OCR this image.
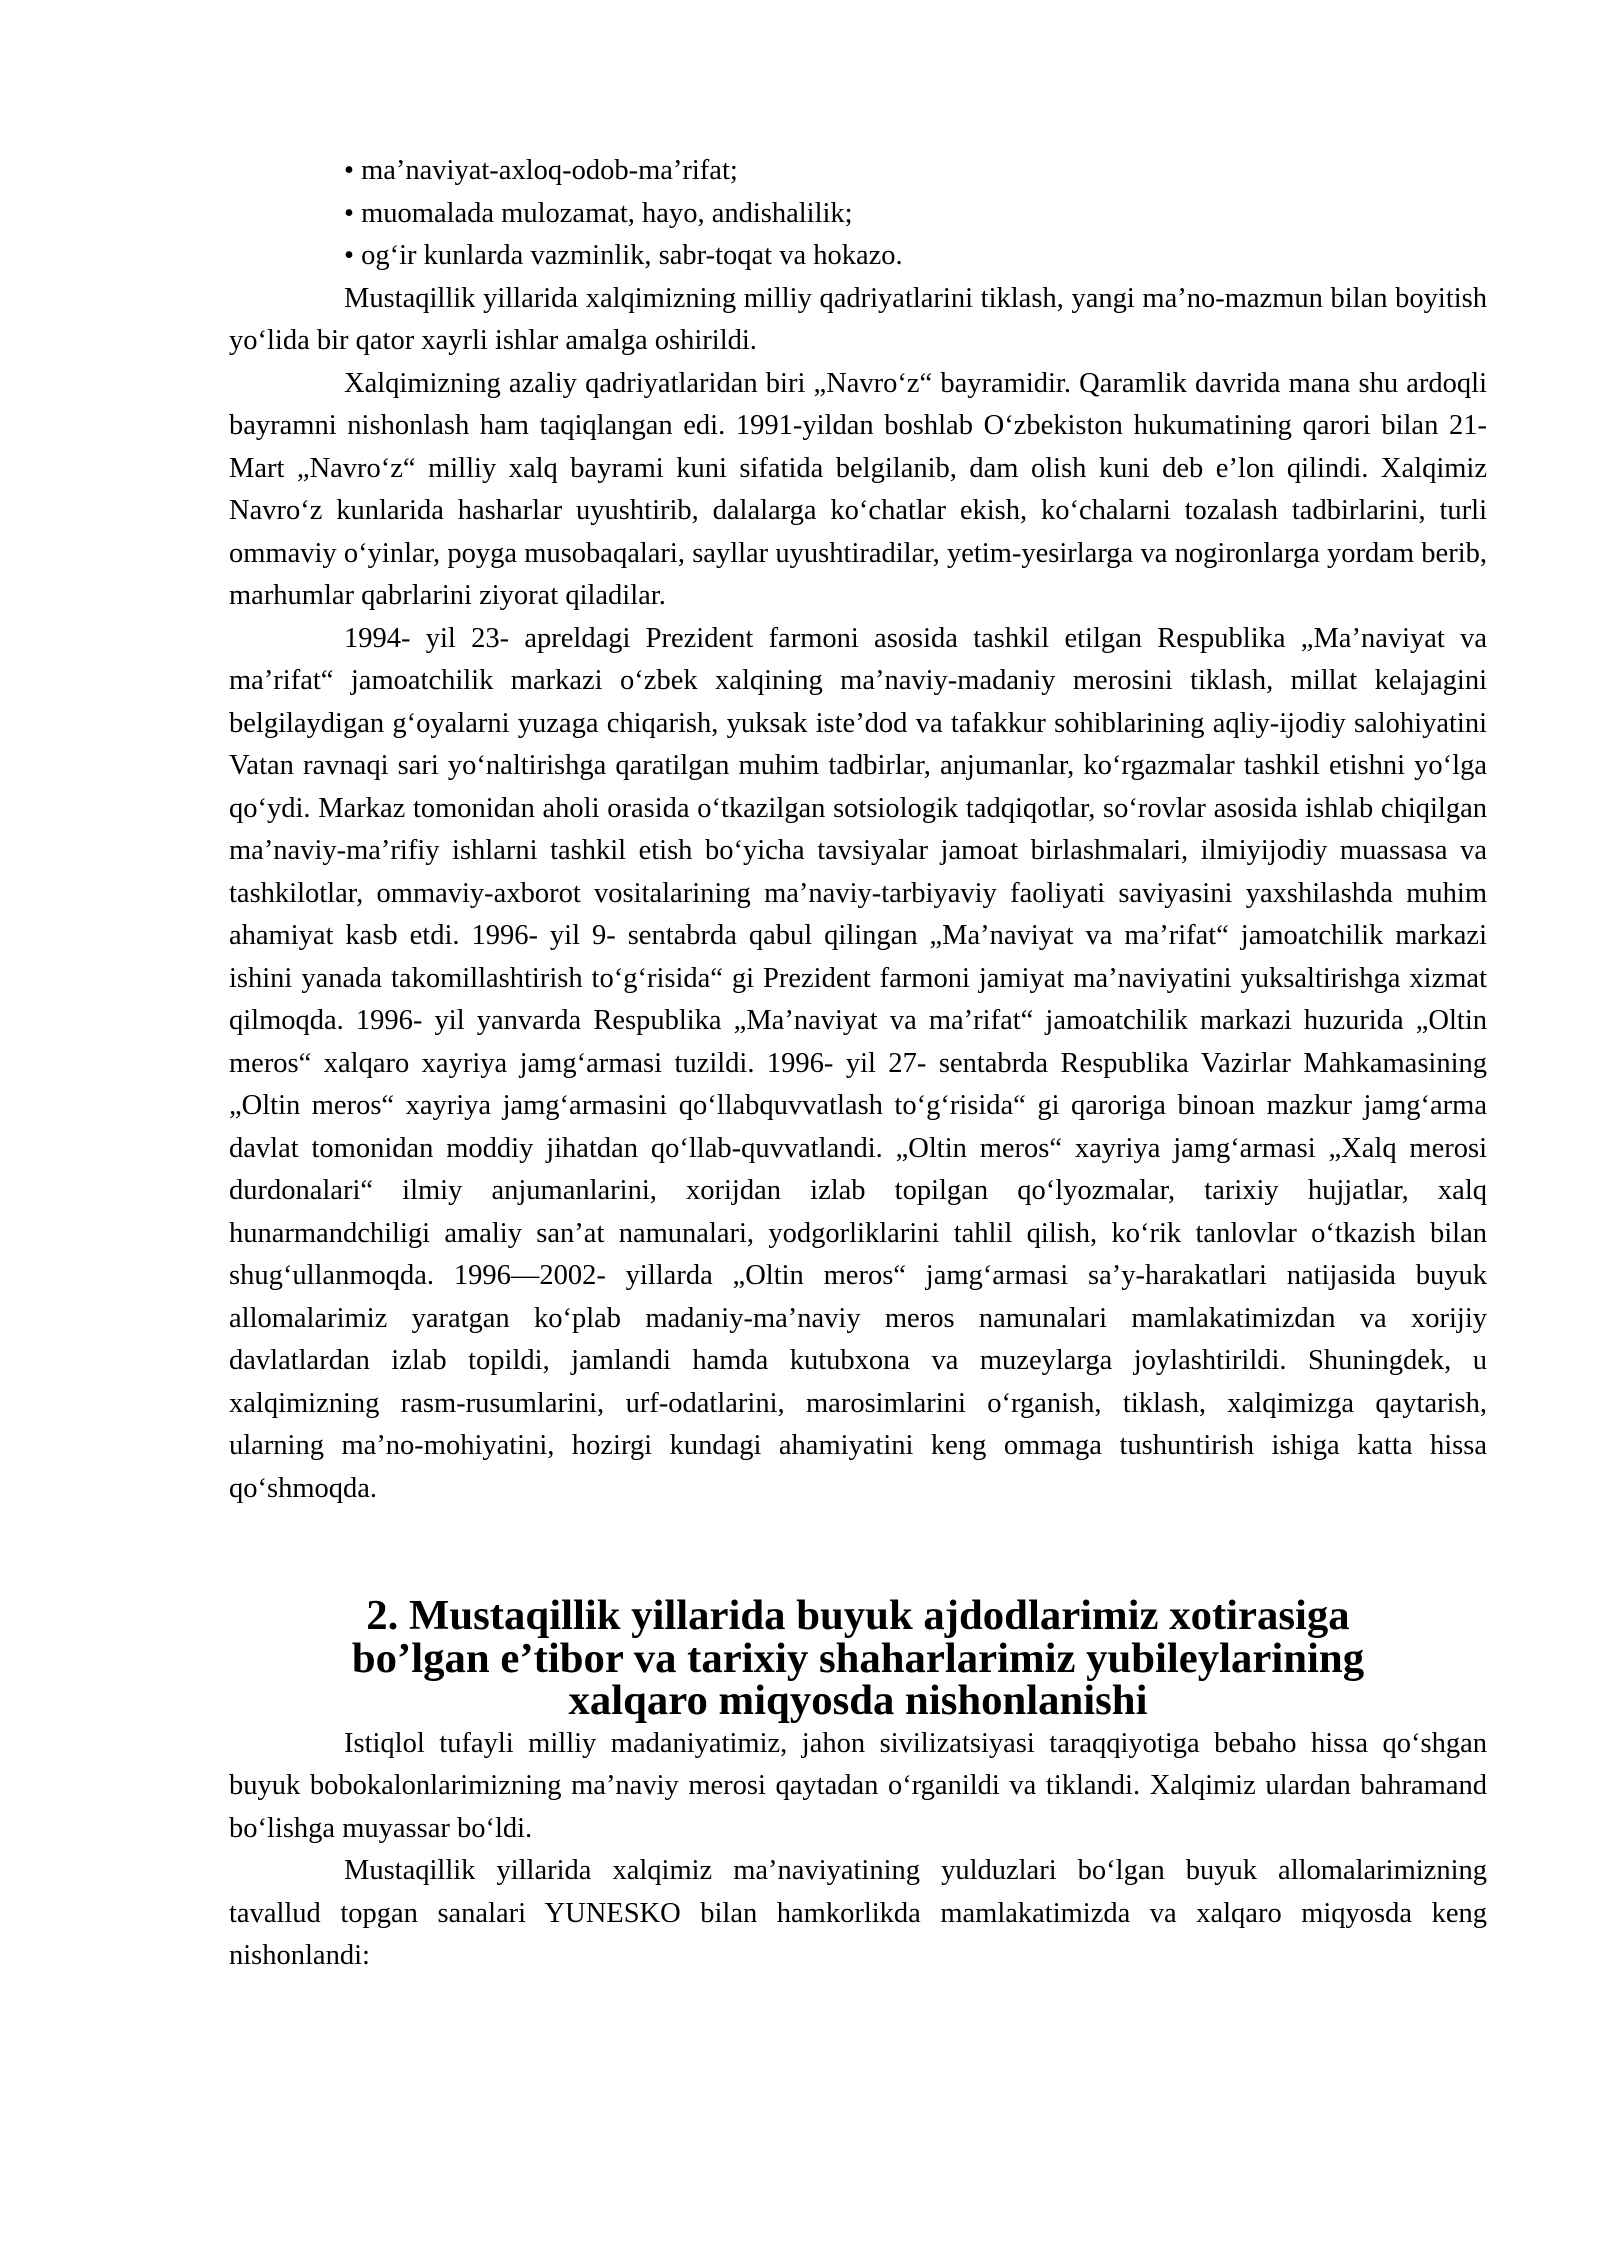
• ma’naviyat-axloq-odob-ma’rifat;

• muomalada mulozamat, hayo, andishalilik;

• og‘ir kunlarda vazminlik, sabr-toqat va hokazo.

Mustaqillik yillarida xalqimizning milliy qadriyatlarini tiklash, yangi ma’no-mazmun bilan boyitish yo‘lida bir qator xayrli ishlar amalga oshirildi.

Xalqimizning azaliy qadriyatlaridan biri „Navro‘z“ bayramidir. Qaramlik davrida mana shu ardoqli bayramni nishonlash ham taqiqlangan edi. 1991-yildan boshlab O‘zbekiston hukumatining qarori bilan 21- Mart „Navro‘z“ milliy xalq bayrami kuni sifatida belgilanib, dam olish kuni deb e’lon qilindi. Xalqimiz Navro‘z kunlarida hasharlar uyushtirib, dalalarga ko‘chatlar ekish, ko‘chalarni tozalash tadbirlarini, turli ommaviy o‘yinlar, poyga musobaqalari, sayllar uyushtiradilar, yetim-yesirlarga va nogironlarga yordam berib, marhumlar qabrlarini ziyorat qiladilar.

1994- yil 23- apreldagi Prezident farmoni asosida tashkil etilgan Respublika „Ma’naviyat va ma’rifat“ jamoatchilik markazi o‘zbek xalqining ma’naviy-madaniy merosini tiklash, millat kelajagini belgilaydigan g‘oyalarni yuzaga chiqarish, yuksak iste’dod va tafakkur sohiblarining aqliy-ijodiy salohiyatini Vatan ravnaqi sari yo‘naltirishga qaratilgan muhim tadbirlar, anjumanlar, ko‘rgazmalar tashkil etishni yo‘lga qo‘ydi. Markaz tomonidan aholi orasida o‘tkazilgan sotsiologik tadqiqotlar, so‘rovlar asosida ishlab chiqilgan ma’naviy-ma’rifiy ishlarni tashkil etish bo‘yicha tavsiyalar jamoat birlashmalari, ilmiyijodiy muassasa va tashkilotlar, ommaviy-axborot vositalarining ma’naviy-tarbiyaviy faoliyati saviyasini yaxshilashda muhim ahamiyat kasb etdi. 1996- yil 9- sentabrda qabul qilingan „Ma’naviyat va ma’rifat“ jamoatchilik markazi ishini yanada takomillashtirish to‘g‘risida“ gi Prezident farmoni jamiyat ma’naviyatini yuksaltirishga xizmat qilmoqda. 1996- yil yanvarda Respublika „Ma’naviyat va ma’rifat“ jamoatchilik markazi huzurida „Oltin meros“ xalqaro xayriya jamg‘armasi tuzildi. 1996- yil 27- sentabrda Respublika Vazirlar Mahkamasining „Oltin meros“ xayriya jamg‘armasini qo‘llabquvvatlash to‘g‘risida“ gi qaroriga binoan mazkur jamg‘arma davlat tomonidan moddiy jihatdan qo‘llab-quvvatlandi. „Oltin meros“ xayriya jamg‘armasi „Xalq merosi durdonalari“ ilmiy anjumanlarini, xorijdan izlab topilgan qo‘lyozmalar, tarixiy hujjatlar, xalq hunarmandchiligi amaliy san’at namunalari, yodgorliklarini tahlil qilish, ko‘rik tanlovlar o‘tkazish bilan shug‘ullanmoqda. 1996—2002- yillarda „Oltin meros“ jamg‘armasi sa’y-harakatlari natijasida buyuk allomalarimiz yaratgan ko‘plab madaniy-ma’naviy meros namunalari mamlakatimizdan va xorijiy davlatlardan izlab topildi, jamlandi hamda kutubxona va muzeylarga joylashtirildi. Shuningdek, u xalqimizning rasm-rusumlarini, urf-odatlarini, marosimlarini o‘rganish, tiklash, xalqimizga qaytarish, ularning ma’no-mohiyatini, hozirgi kundagi ahamiyatini keng ommaga tushuntirish ishiga katta hissa qo‘shmoqda.

2. Mustaqillik yillarida buyuk ajdodlarimiz xotirasiga bo’lgan e’tibor va tarixiy shaharlarimiz yubileylarining xalqaro miqyosda nishonlanishi

Istiqlol tufayli milliy madaniyatimiz, jahon sivilizatsiyasi taraqqiyotiga bebaho hissa qo‘shgan buyuk bobokalonlarimizning ma’naviy merosi qaytadan o‘rganildi va tiklandi. Xalqimiz ulardan bahramand bo‘lishga muyassar bo‘ldi.

Mustaqillik yillarida xalqimiz ma’naviyatining yulduzlari bo‘lgan buyuk allomalarimizning tavallud topgan sanalari YUNESKO bilan hamkorlikda mamlakatimizda va xalqaro miqyosda keng nishonlandi:
